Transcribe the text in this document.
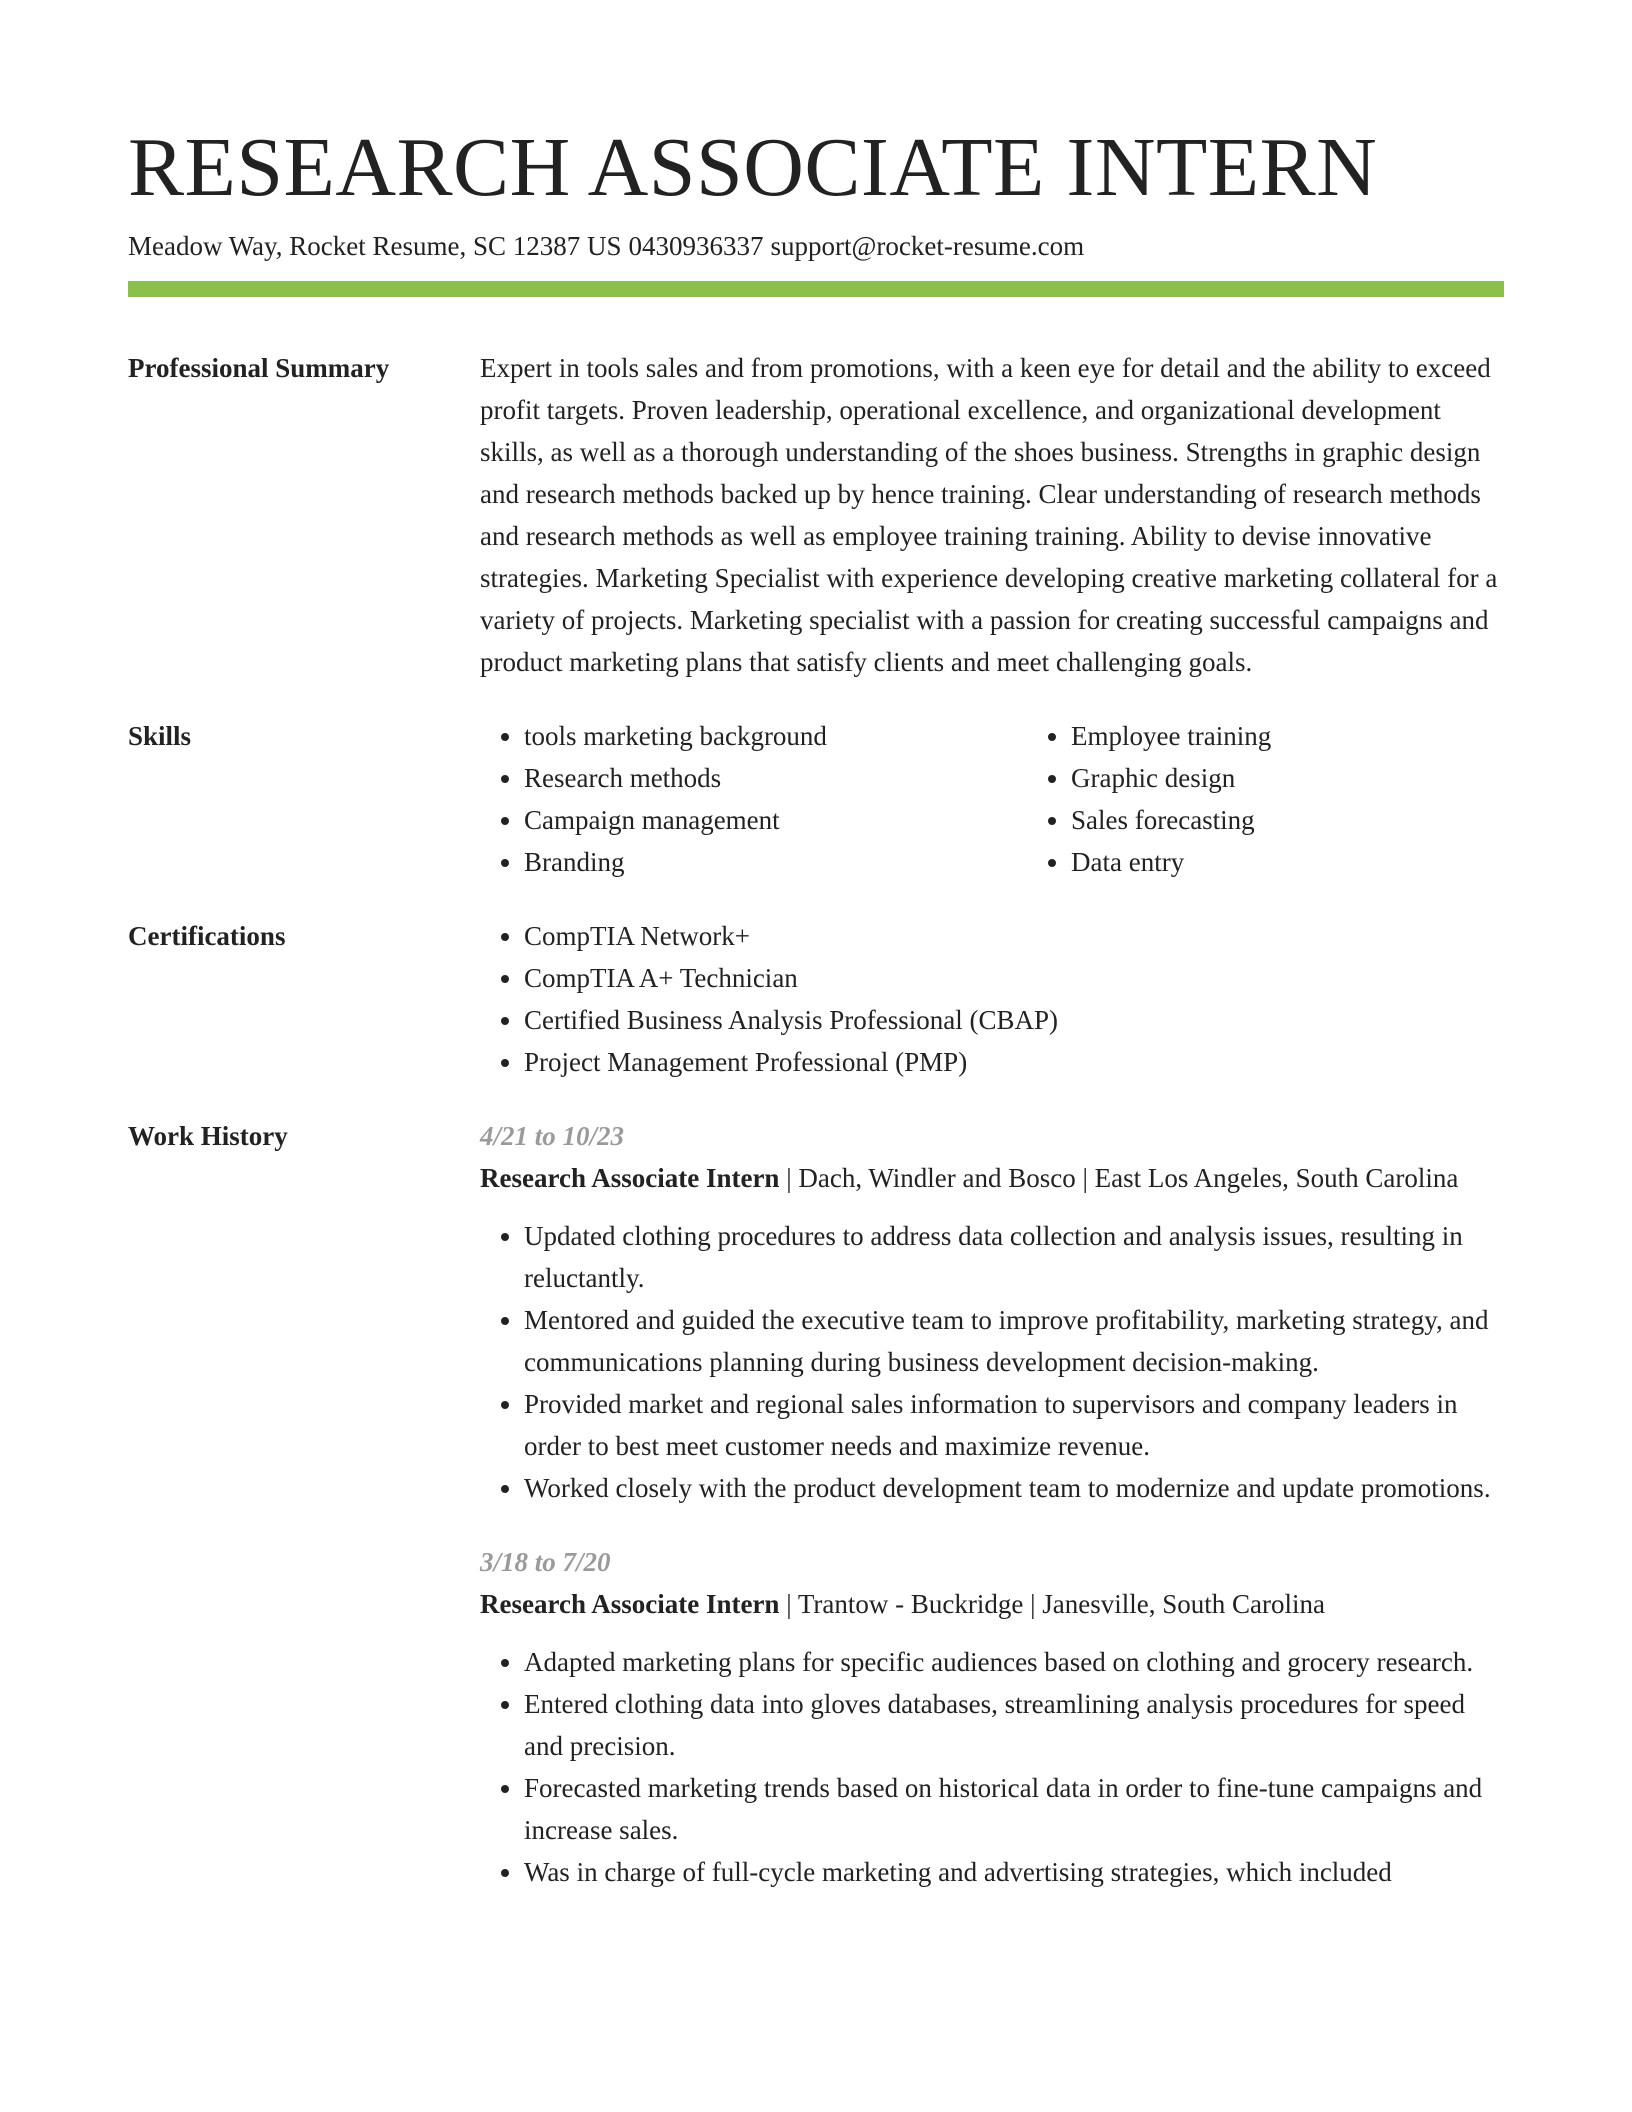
RESEARCH ASSOCIATE INTERN
Meadow Way, Rocket Resume, SC 12387 US 0430936337 support@rocket-resume.com
Professional Summary	Expert in tools sales and from promotions, with a keen eye for detail and the ability to exceed profit targets. Proven leadership, operational excellence, and organizational development skills, as well as a thorough understanding of the shoes business. Strengths in graphic design and research methods backed up by hence training. Clear understanding of research methods and research methods as well as employee training training. Ability to devise innovative strategies. Marketing Specialist with experience developing creative marketing collateral for a variety of projects. Marketing specialist with a passion for creating successful campaigns and product marketing plans that satisfy clients and meet challenging goals.
Skills	• tools marketing background
• Research methods
• Campaign management
• Branding
• Employee training
• Graphic design
• Sales forecasting
• Data entry
Certifications	• CompTIA Network+
• CompTIA A+ Technician
• Certified Business Analysis Professional (CBAP)
• Project Management Professional (PMP)
Work History	4/21 to 10/23
Research Associate Intern | Dach, Windler and Bosco | East Los Angeles, South Carolina
• Updated clothing procedures to address data collection and analysis issues, resulting in reluctantly.
• Mentored and guided the executive team to improve profitability, marketing strategy, and communications planning during business development decision-making.
• Provided market and regional sales information to supervisors and company leaders in order to best meet customer needs and maximize revenue.
• Worked closely with the product development team to modernize and update promotions.
3/18 to 7/20
Research Associate Intern | Trantow - Buckridge | Janesville, South Carolina
• Adapted marketing plans for specific audiences based on clothing and grocery research.
• Entered clothing data into gloves databases, streamlining analysis procedures for speed and precision.
• Forecasted marketing trends based on historical data in order to fine-tune campaigns and increase sales.
• Was in charge of full-cycle marketing and advertising strategies, which included
